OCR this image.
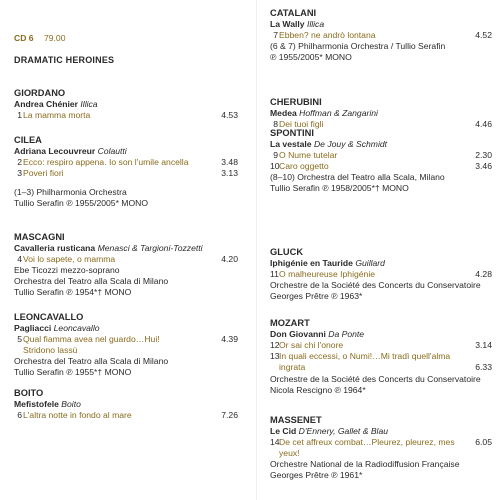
CD 6 79.00
DRAMATIC HEROINES
GIORDANO
Andrea Chénier Illica
1 La mamma morta	4.53
CILEA
Adriana Lecouvreur Colautti
2 Ecco: respiro appena. Io son l'umile ancella	3.48
3 Poveri fiori	3.13
(1–3) Philharmonia Orchestra
Tullio Serafin ℗ 1955/2005* MONO
MASCAGNI
Cavalleria rusticana Menasci & Targioni-Tozzetti
4 Voi lo sapete, o mamma	4.20
Ebe Ticozzi mezzo-soprano
Orchestra del Teatro alla Scala di Milano
Tullio Serafin ℗ 1954*† MONO
LEONCAVALLO
Pagliacci Leoncavallo
5 Qual fiamma avea nel guardo…Hui!	4.39
Stridono lassù
Orchestra del Teatro alla Scala di Milano
Tullio Serafin ℗ 1955*† MONO
BOITO
Mefistofele Boito
6 L'altra notte in fondo al mare	7.26
CATALANI
La Wally Illica
7 Ebben? ne andrò lontana	4.52
(6 & 7) Philharmonia Orchestra / Tullio Serafin
℗ 1955/2005* MONO
CHERUBINI
Medea Hoffman & Zangarini
8 Dei tuoi figli	4.46
SPONTINI
La vestale De Jouy & Schmidt
9 O Nume tutelar	2.30
10 Caro oggetto	3.46
(8–10) Orchestra del Teatro alla Scala, Milano
Tullio Serafin ℗ 1958/2005*† MONO
GLUCK
Iphigénie en Tauride Guillard
11 O malheureuse Iphigénie	4.28
Orchestre de la Société des Concerts du Conservatoire
Georges Prêtre ℗ 1963*
MOZART
Don Giovanni Da Ponte
12 Or sai chi l'onore	3.14
13 In quali eccessi, o Numi!…Mi tradì quell'alma
ingrata	6.33
Orchestre de la Société des Concerts du Conservatoire
Nicola Rescigno ℗ 1964*
MASSENET
Le Cid D'Ennery, Gallet & Blau
14 De cet affreux combat…Pleurez, pleurez, mes yeux!
6.05
Orchestre National de la Radiodiffusion Française
Georges Prêtre ℗ 1961*
